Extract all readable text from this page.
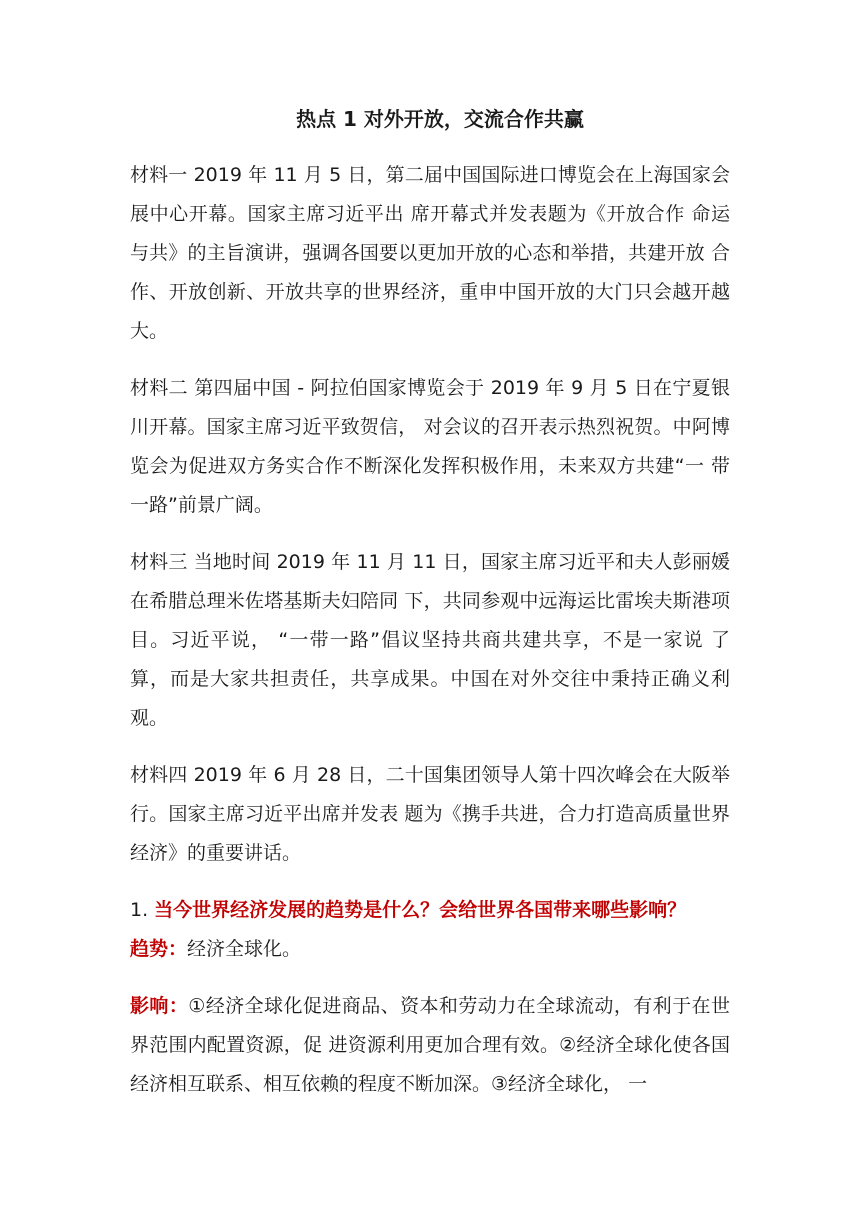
热点 1 对外开放，交流合作共赢

材料一 2019 年 11 月 5 日，第二届中国国际进口博览会在上海国家会展中心开幕。国家主席习近平出 席开幕式并发表题为《开放合作 命运与共》的主旨演讲，强调各国要以更加开放的心态和举措，共建开放 合作、开放创新、开放共享的世界经济，重申中国开放的大门只会越开越大。

材料二 第四届中国 - 阿拉伯国家博览会于 2019 年 9 月 5 日在宁夏银川开幕。国家主席习近平致贺信， 对会议的召开表示热烈祝贺。中阿博览会为促进双方务实合作不断深化发挥积极作用，未来双方共建“一 带一路”前景广阔。

材料三 当地时间 2019 年 11 月 11 日，国家主席习近平和夫人彭丽媛在希腊总理米佐塔基斯夫妇陪同 下，共同参观中远海运比雷埃夫斯港项目。习近平说， “一带一路”倡议坚持共商共建共享，不是一家说 了算，而是大家共担责任，共享成果。中国在对外交往中秉持正确义利观。

材料四 2019 年 6 月 28 日，二十国集团领导人第十四次峰会在大阪举行。国家主席习近平出席并发表 题为《携手共进，合力打造高质量世界经济》的重要讲话。

1. 当今世界经济发展的趋势是什么？会给世界各国带来哪些影响？

趋势：经济全球化。

影响：①经济全球化促进商品、资本和劳动力在全球流动，有利于在世界范围内配置资源，促 进资源利用更加合理有效。②经济全球化使各国经济相互联系、相互依赖的程度不断加深。③经济全球化， 一
